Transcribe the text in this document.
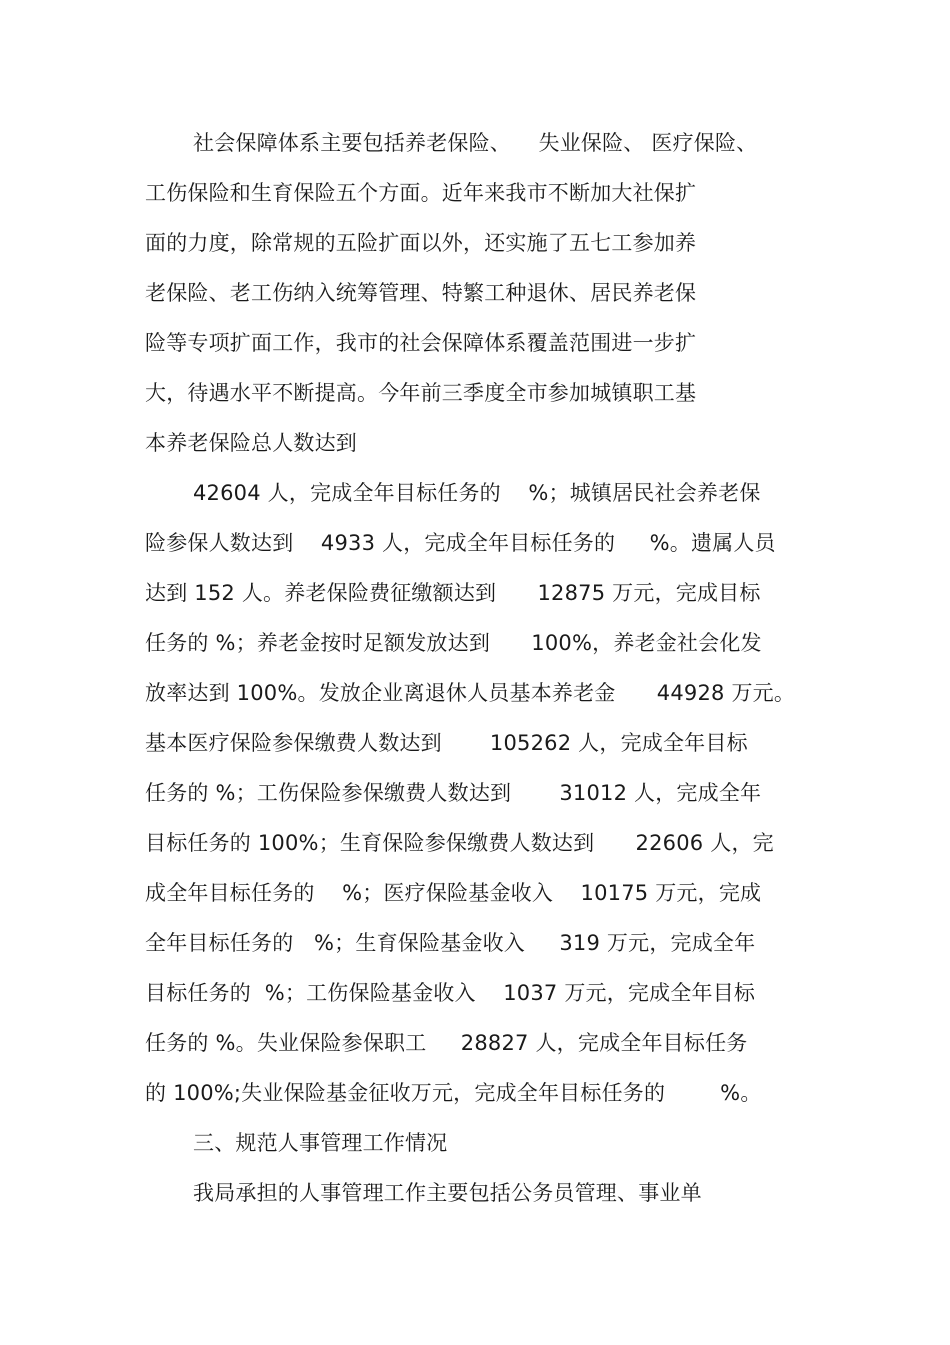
社会保障体系主要包括养老保险、    失业保险、 医疗保险、
工伤保险和生育保险五个方面。近年来我市不断加大社保扩
面的力度，除常规的五险扩面以外，还实施了五七工参加养
老保险、老工伤纳入统筹管理、特繁工种退休、居民养老保
险等专项扩面工作，我市的社会保障体系覆盖范围进一步扩
大，待遇水平不断提高。今年前三季度全市参加城镇职工基
本养老保险总人数达到
42604 人，完成全年目标任务的    %；城镇居民社会养老保
险参保人数达到    4933 人，完成全年目标任务的     %。遗属人员
达到 152 人。养老保险费征缴额达到      12875 万元，完成目标
任务的 %；养老金按时足额发放达到      100%，养老金社会化发
放率达到 100%。发放企业离退休人员基本养老金      44928 万元。
基本医疗保险参保缴费人数达到       105262 人，完成全年目标
任务的 %；工伤保险参保缴费人数达到       31012 人，完成全年
目标任务的 100%；生育保险参保缴费人数达到      22606 人，完
成全年目标任务的    %；医疗保险基金收入    10175 万元，完成
全年目标任务的   %；生育保险基金收入     319 万元，完成全年
目标任务的  %；工伤保险基金收入    1037 万元，完成全年目标
任务的 %。失业保险参保职工     28827 人，完成全年目标任务
的 100%;失业保险基金征收万元，完成全年目标任务的        %。
三、规范人事管理工作情况
我局承担的人事管理工作主要包括公务员管理、事业单
